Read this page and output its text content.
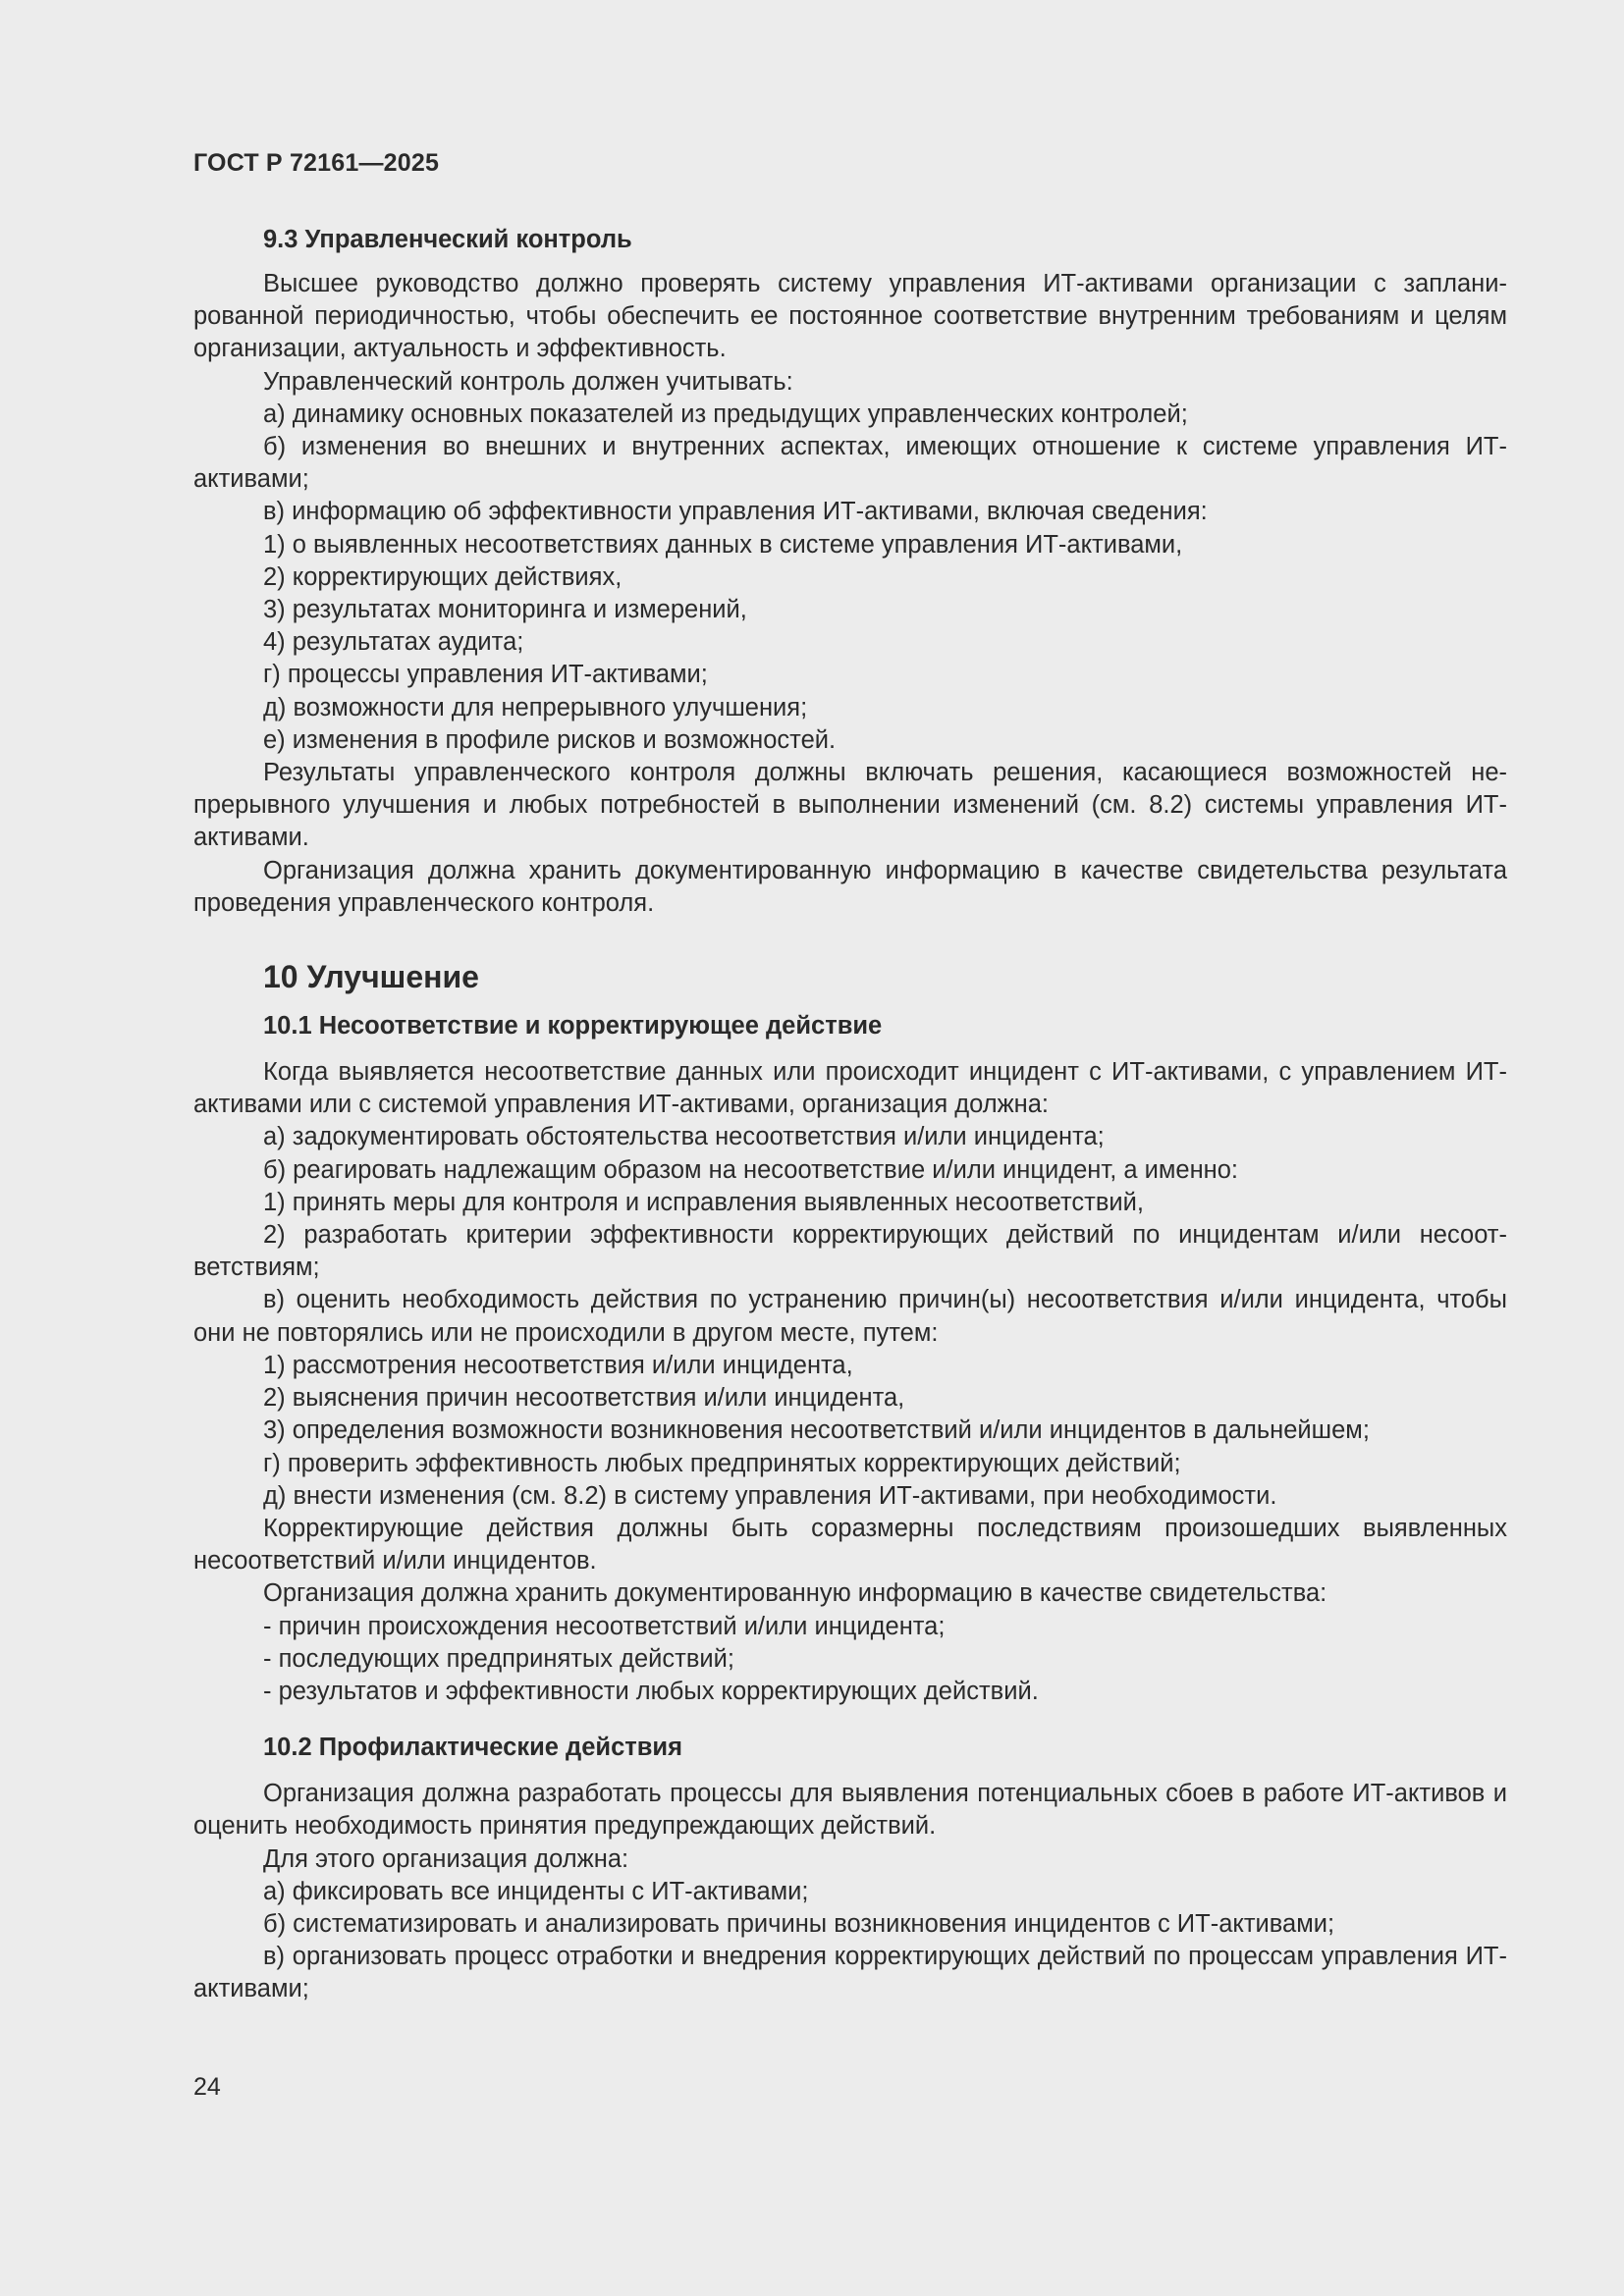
ГОСТ Р 72161—2025
9.3 Управленческий контроль

Высшее руководство должно проверять систему управления ИТ-активами организации с запланированной периодичностью, чтобы обеспечить ее постоянное соответствие внутренним требованиям и целям организации, актуальность и эффективность.

Управленческий контроль должен учитывать:

а) динамику основных показателей из предыдущих управленческих контролей;

б) изменения во внешних и внутренних аспектах, имеющих отношение к системе управления ИТ-активами;

в) информацию об эффективности управления ИТ-активами, включая сведения:

1) о выявленных несоответствиях данных в системе управления ИТ-активами,

2) корректирующих действиях,

3) результатах мониторинга и измерений,

4) результатах аудита;

г) процессы управления ИТ-активами;

д) возможности для непрерывного улучшения;

е) изменения в профиле рисков и возможностей.

Результаты управленческого контроля должны включать решения, касающиеся возможностей непрерывного улучшения и любых потребностей в выполнении изменений (см. 8.2) системы управления ИТ-активами.

Организация должна хранить документированную информацию в качестве свидетельства результата проведения управленческого контроля.

10 Улучшение
10.1 Несоответствие и корректирующее действие

Когда выявляется несоответствие данных или происходит инцидент с ИТ-активами, с управлением ИТ-активами или с системой управления ИТ-активами, организация должна:

а) задокументировать обстоятельства несоответствия и/или инцидента;

б) реагировать надлежащим образом на несоответствие и/или инцидент, а именно:

1) принять меры для контроля и исправления выявленных несоответствий,

2) разработать критерии эффективности корректирующих действий по инцидентам и/или несоответствиям;

в) оценить необходимость действия по устранению причин(ы) несоответствия и/или инцидента, чтобы они не повторялись или не происходили в другом месте, путем:

1) рассмотрения несоответствия и/или инцидента,

2) выяснения причин несоответствия и/или инцидента,

3) определения возможности возникновения несоответствий и/или инцидентов в дальнейшем;

г) проверить эффективность любых предпринятых корректирующих действий;

д) внести изменения (см. 8.2) в систему управления ИТ-активами, при необходимости.

Корректирующие действия должны быть соразмерны последствиям произошедших выявленных несоответствий и/или инцидентов.

Организация должна хранить документированную информацию в качестве свидетельства:

- причин происхождения несоответствий и/или инцидента;

- последующих предпринятых действий;

- результатов и эффективности любых корректирующих действий.

10.2 Профилактические действия

Организация должна разработать процессы для выявления потенциальных сбоев в работе ИТ-активов и оценить необходимость принятия предупреждающих действий.

Для этого организация должна:

а) фиксировать все инциденты с ИТ-активами;

б) систематизировать и анализировать причины возникновения инцидентов с ИТ-активами;

в) организовать процесс отработки и внедрения корректирующих действий по процессам управления ИТ-активами;

24
